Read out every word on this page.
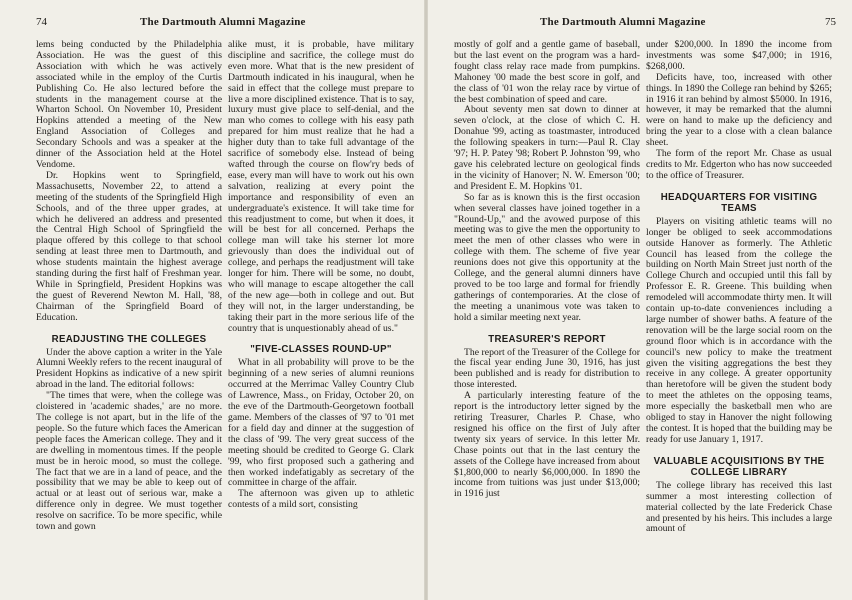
74	The Dartmouth Alumni Magazine

lems being conducted by the Philadelphia Association. He was the guest of this Association with which he was actively associated while in the employ of the Curtis Publishing Co. He also lectured before the students in the management course at the Wharton School. On November 10, President Hopkins attended a meeting of the New England Association of Colleges and Secondary Schools and was a speaker at the dinner of the Association held at the Hotel Vendome.

Dr. Hopkins went to Springfield, Massachusetts, November 22, to attend a meeting of the students of the Springfield High Schools, and of the three upper grades, at which he delivered an address and presented the Central High School of Springfield the plaque offered by this college to that school sending at least three men to Dartmouth, and whose students maintain the highest average standing during the first half of Freshman year. While in Springfield, President Hopkins was the guest of Reverend Newton M. Hall, '88, Chairman of the Springfield Board of Education.

READJUSTING THE COLLEGES

Under the above caption a writer in the Yale Alumni Weekly refers to the recent inaugural of President Hopkins as indicative of a new spirit abroad in the land. The editorial follows:

"The times that were, when the college was cloistered in 'academic shades,' are no more. The college is not apart, but in the life of the people. So the future which faces the American people faces the American college. They and it are dwelling in momentous times. If the people must be in heroic mood, so must the college. The fact that we are in a land of peace, and the possibility that we may be able to keep out of actual or at least out of serious war, make a difference only in degree. We must together resolve on sacrifice. To be more specific, while town and gown

alike must, it is probable, have military discipline and sacrifice, the college must do even more. What that is the new president of Dartmouth indicated in his inaugural, when he said in effect that the college must prepare to live a more disciplined existence. That is to say, luxury must give place to self-denial, and the man who comes to college with his easy path prepared for him must realize that he had a higher duty than to take full advantage of the sacrifice of somebody else. Instead of being wafted through the course on flow'ry beds of ease, every man will have to work out his own salvation, realizing at every point the importance and responsibility of even an undergraduate's existence. It will take time for this readjustment to come, but when it does, it will be best for all concerned. Perhaps the college man will take his sterner lot more grievously than does the individual out of college, and perhaps the readjustment will take longer for him. There will be some, no doubt, who will manage to escape altogether the call of the new age—both in college and out. But they will not, in the larger understanding, be taking their part in the more serious life of the country that is unquestionably ahead of us."

"FIVE-CLASSES ROUND-UP"

What in all probability will prove to be the beginning of a new series of alumni reunions occurred at the Merrimac Valley Country Club of Lawrence, Mass., on Friday, October 20, on the eve of the Dartmouth-Georgetown football game. Members of the classes of '97 to '01 met for a field day and dinner at the suggestion of the class of '99. The very great success of the meeting should be credited to George G. Clark '99, who first proposed such a gathering and then worked indefatigably as secretary of the committee in charge of the affair.

The afternoon was given up to athletic contests of a mild sort, consisting

The Dartmouth Alumni Magazine	75

mostly of golf and a gentle game of baseball, but the last event on the program was a hard-fought class relay race made from pumpkins. Mahoney '00 made the best score in golf, and the class of '01 won the relay race by virtue of the best combination of speed and care.

About seventy men sat down to dinner at seven o'clock, at the close of which C. H. Donahue '99, acting as toastmaster, introduced the following speakers in turn:—Paul R. Clay '97; H. P. Patey '98; Robert P. Johnston '99, who gave his celebrated lecture on geological finds in the vicinity of Hanover; N. W. Emerson '00; and President E. M. Hopkins '01.

So far as is known this is the first occasion when several classes have joined together in a "Round-Up," and the avowed purpose of this meeting was to give the men the opportunity to meet the men of other classes who were in college with them. The scheme of five year reunions does not give this opportunity at the College, and the general alumni dinners have proved to be too large and formal for friendly gatherings of contemporaries. At the close of the meeting a unanimous vote was taken to hold a similar meeting next year.

TREASURER'S REPORT

The report of the Treasurer of the College for the fiscal year ending June 30, 1916, has just been published and is ready for distribution to those interested.

A particularly interesting feature of the report is the introductory letter signed by the retiring Treasurer, Charles P. Chase, who resigned his office on the first of July after twenty six years of service. In this letter Mr. Chase points out that in the last century the assets of the College have increased from about $1,800,000 to nearly $6,000,000. In 1890 the income from tuitions was just under $13,000; in 1916 just

under $200,000. In 1890 the income from investments was some $47,000; in 1916, $268,000.

Deficits have, too, increased with other things. In 1890 the College ran behind by $265; in 1916 it ran behind by almost $5000. In 1916, however, it may be remarked that the alumni were on hand to make up the deficiency and bring the year to a close with a clean balance sheet.

The form of the report Mr. Chase as usual credits to Mr. Edgerton who has now succeeded to the office of Treasurer.

HEADQUARTERS FOR VISITING TEAMS

Players on visiting athletic teams will no longer be obliged to seek accommodations outside Hanover as formerly. The Athletic Council has leased from the college the building on North Main Street just north of the College Church and occupied until this fall by Professor E. R. Greene. This building when remodeled will accommodate thirty men. It will contain up-to-date conveniences including a large number of shower baths. A feature of the renovation will be the large social room on the ground floor which is in accordance with the council's new policy to make the treatment given the visiting aggregations the best they receive in any college. A greater opportunity than heretofore will be given the student body to meet the athletes on the opposing teams, more especially the basketball men who are obliged to stay in Hanover the night following the contest. It is hoped that the building may be ready for use January 1, 1917.

VALUABLE ACQUISITIONS BY THE COLLEGE LIBRARY

The college library has received this last summer a most interesting collection of material collected by the late Frederick Chase and presented by his heirs. This includes a large amount of
